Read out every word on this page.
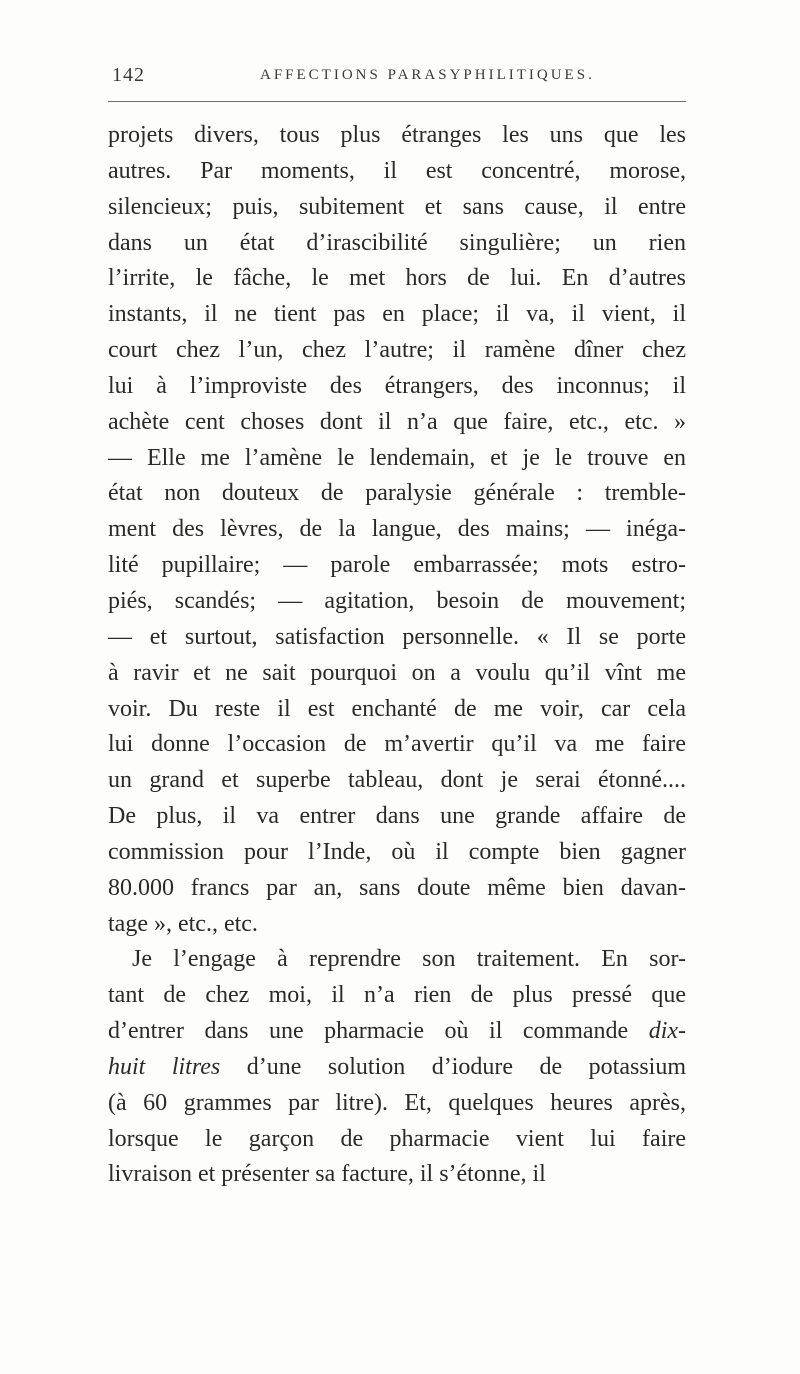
142	AFFECTIONS PARASYPHILITIQUES.
projets divers, tous plus étranges les uns que les
autres. Par moments, il est concentré, morose,
silencieux; puis, subitement et sans cause, il entre
dans un état d’irascibilité singulière; un rien
l’irrite, le fâche, le met hors de lui. En d’autres
instants, il ne tient pas en place; il va, il vient, il
court chez l’un, chez l’autre; il ramène dîner chez
lui à l’improviste des étrangers, des inconnus; il
achète cent choses dont il n’a que faire, etc., etc. »
— Elle me l’amène le lendemain, et je le trouve en
état non douteux de paralysie générale : tremble-
ment des lèvres, de la langue, des mains; — inéga-
lité pupillaire; — parole embarrassée; mots estro-
piés, scandés; — agitation, besoin de mouvement;
— et surtout, satisfaction personnelle. « Il se porte
à ravir et ne sait pourquoi on a voulu qu’il vînt me
voir. Du reste il est enchanté de me voir, car cela
lui donne l’occasion de m’avertir qu’il va me faire
un grand et superbe tableau, dont je serai étonné....
De plus, il va entrer dans une grande affaire de
commission pour l’Inde, où il compte bien gagner
80.000 francs par an, sans doute même bien davan-
tage », etc., etc.
Je l’engage à reprendre son traitement. En sor-
tant de chez moi, il n’a rien de plus pressé que
d’entrer dans une pharmacie où il commande dix-
huit litres d’une solution d’iodure de potassium
(à 60 grammes par litre). Et, quelques heures après,
lorsque le garçon de pharmacie vient lui faire
livraison et présenter sa facture, il s’étonne, il
